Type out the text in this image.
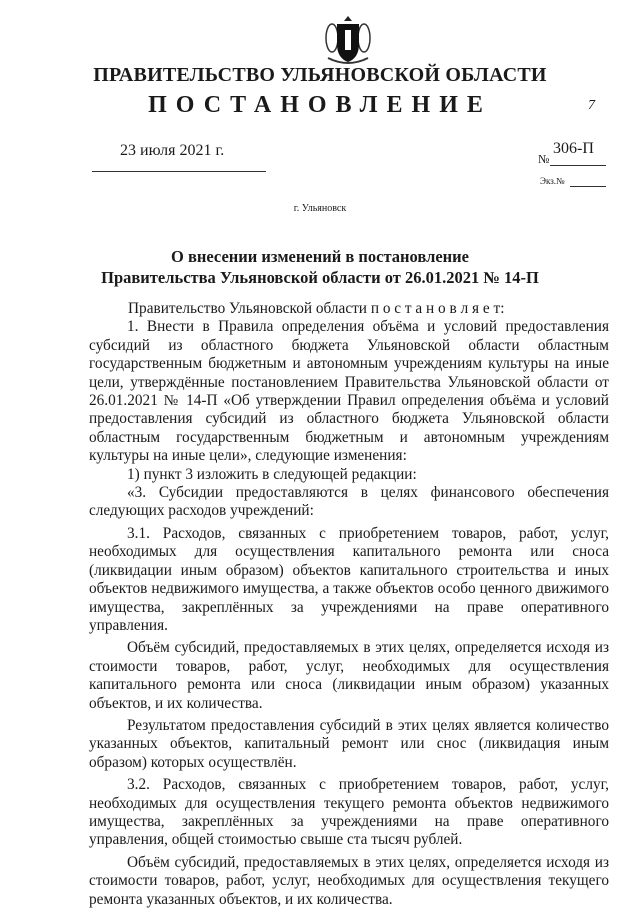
ПРАВИТЕЛЬСТВО УЛЬЯНОВСКОЙ ОБЛАСТИ
ПОСТАНОВЛЕНИЕ	7
23 июля 2021 г.	№
306-П
Экз.№
г. Ульяновск
О внесении изменений в постановление
Правительства Ульяновской области от 26.01.2021 № 14-П

Правительство Ульяновской области п о с т а н о в л я е т:

1. Внести в Правила определения объёма и условий предоставления субсидий из областного бюджета Ульяновской области областным государственным бюджетным и автономным учреждениям культуры на иные цели, утверждённые постановлением Правительства Ульяновской области от 26.01.2021 № 14-П «Об утверждении Правил определения объёма и условий предоставления субсидий из областного бюджета Ульяновской области областным государственным бюджетным и автономным учреждениям культуры на иные цели», следующие изменения:

1) пункт 3 изложить в следующей редакции:

«3. Субсидии предоставляются в целях финансового обеспечения следующих расходов учреждений:

3.1. Расходов, связанных с приобретением товаров, работ, услуг, необходимых для осуществления капитального ремонта или сноса (ликвидации иным образом) объектов капитального строительства и иных объектов недвижимого имущества, а также объектов особо ценного движимого имущества, закреплённых за учреждениями на праве оперативного управления.

Объём субсидий, предоставляемых в этих целях, определяется исходя из стоимости товаров, работ, услуг, необходимых для осуществления капитального ремонта или сноса (ликвидации иным образом) указанных объектов, и их количества.

Результатом предоставления субсидий в этих целях является количество указанных объектов, капитальный ремонт или снос (ликвидация иным образом) которых осуществлён.

3.2. Расходов, связанных с приобретением товаров, работ, услуг, необходимых для осуществления текущего ремонта объектов недвижимого имущества, закреплённых за учреждениями на праве оперативного управления, общей стоимостью свыше ста тысяч рублей.

Объём субсидий, предоставляемых в этих целях, определяется исходя из стоимости товаров, работ, услуг, необходимых для осуществления текущего ремонта указанных объектов, и их количества.
